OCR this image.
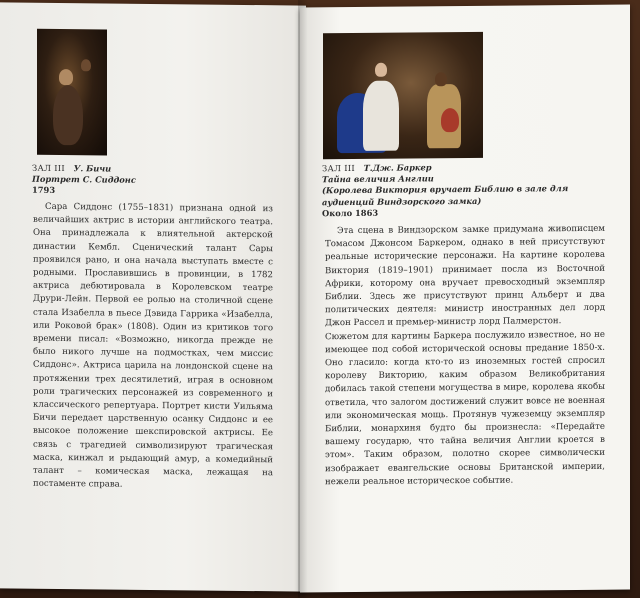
ЗАЛ III У. Бичи
Портрет С. Сиддонс
1793

Сара Сиддонс (1755–1831) признана одной из величайших актрис в истории английского театра. Она принадлежала к влиятельной актерской династии Кембл. Сценический талант Сары проявился рано, и она начала выступать вместе с родными. Прославившись в провинции, в 1782 актриса дебютировала в Королевском театре Друри-Лейн. Первой ее ролью на столичной сцене стала Изабелла в пьесе Дэвида Гаррика «Изабелла, или Роковой брак» (1808). Один из критиков того времени писал: «Возможно, никогда прежде не было никого лучше на подмостках, чем миссис Сиддонс». Актриса царила на лондонской сцене на протяжении трех десятилетий, играя в основном роли трагических персонажей из современного и классического репертуара. Портрет кисти Уильяма Бичи передает царственную осанку Сиддонс и ее высокое положение шекспировской актрисы. Ее связь с трагедией символизируют трагическая маска, кинжал и рыдающий амур, а комедийный талант – комическая маска, лежащая на постаменте справа.

ЗАЛ III Т.Дж. Баркер
Тайна величия Англии
(Королева Виктория вручает Библию в зале для аудиенций Виндзорского замка)
Около 1863

Эта сцена в Виндзорском замке придумана живописцем Томасом Джонсом Баркером, однако в ней присутствуют реальные исторические персонажи. На картине королева Виктория (1819–1901) принимает посла из Восточной Африки, которому она вручает превосходный экземпляр Библии. Здесь же присутствуют принц Альберт и два политических деятеля: министр иностранных дел лорд Джон Рассел и премьер-министр лорд Палмерстон.

Сюжетом для картины Баркера послужило известное, но не имеющее под собой исторической основы предание 1850-х. Оно гласило: когда кто-то из иноземных гостей спросил королеву Викторию, каким образом Великобритания добилась такой степени могущества в мире, королева якобы ответила, что залогом достижений служит вовсе не военная или экономическая мощь. Протянув чужеземцу экземпляр Библии, монархиня будто бы произнесла: «Передайте вашему государю, что тайна величия Англии кроется в этом». Таким образом, полотно скорее символически изображает евангельские основы Британской империи, нежели реальное историческое событие.
